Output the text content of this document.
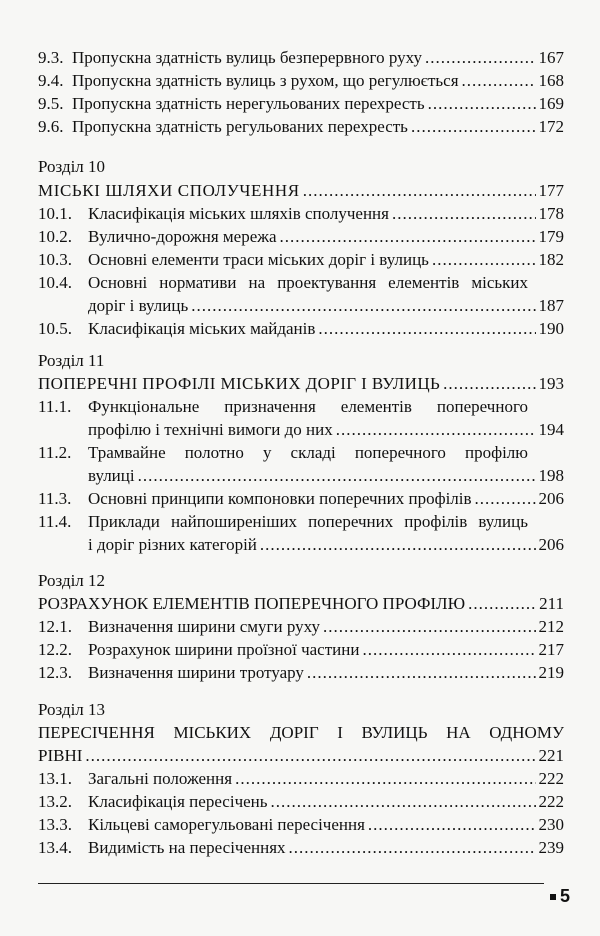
9.3. Пропускна здатність вулиць безперервного руху .....	167
9.4. Пропускна здатність вулиць з рухом, що регулюється .....	168
9.5. Пропускна здатність нерегульованих перехресть .....	169
9.6. Пропускна здатність регульованих перехресть .....	172
Розділ 10
МІСЬКІ ШЛЯХИ СПОЛУЧЕННЯ .....	177
10.1. Класифікація міських шляхів сполучення .....	178
10.2. Вулично-дорожня мережа .....	179
10.3. Основні елементи траси міських доріг і вулиць .....	182
10.4. Основні нормативи на проектування елементів міських
доріг і вулиць .....	187
10.5. Класифікація міських майданів .....	190
Розділ 11
ПОПЕРЕЧНІ ПРОФІЛІ МІСЬКИХ ДОРІГ І ВУЛИЦЬ .....	193
11.1. Функціональне призначення елементів поперечного
профілю і технічні вимоги до них .....	194
11.2. Трамвайне полотно у складі поперечного профілю
вулиці .....	198
11.3. Основні принципи компоновки поперечних профілів .....	206
11.4. Приклади найпоширеніших поперечних профілів вулиць
і доріг різних категорій .....	206
Розділ 12
РОЗРАХУНОК ЕЛЕМЕНТІВ ПОПЕРЕЧНОГО ПРОФІЛЮ .....	211
12.1. Визначення ширини смуги руху .....	212
12.2. Розрахунок ширини проїзної частини .....	217
12.3. Визначення ширини тротуару .....	219
Розділ 13
ПЕРЕСІЧЕННЯ МІСЬКИХ ДОРІГ І ВУЛИЦЬ НА ОДНОМУ
РІВНІ .....	221
13.1. Загальні положення .....	222
13.2. Класифікація пересічень .....	222
13.3. Кільцеві саморегульовані пересічення .....	230
13.4. Видимість на пересіченнях .....	239
5
